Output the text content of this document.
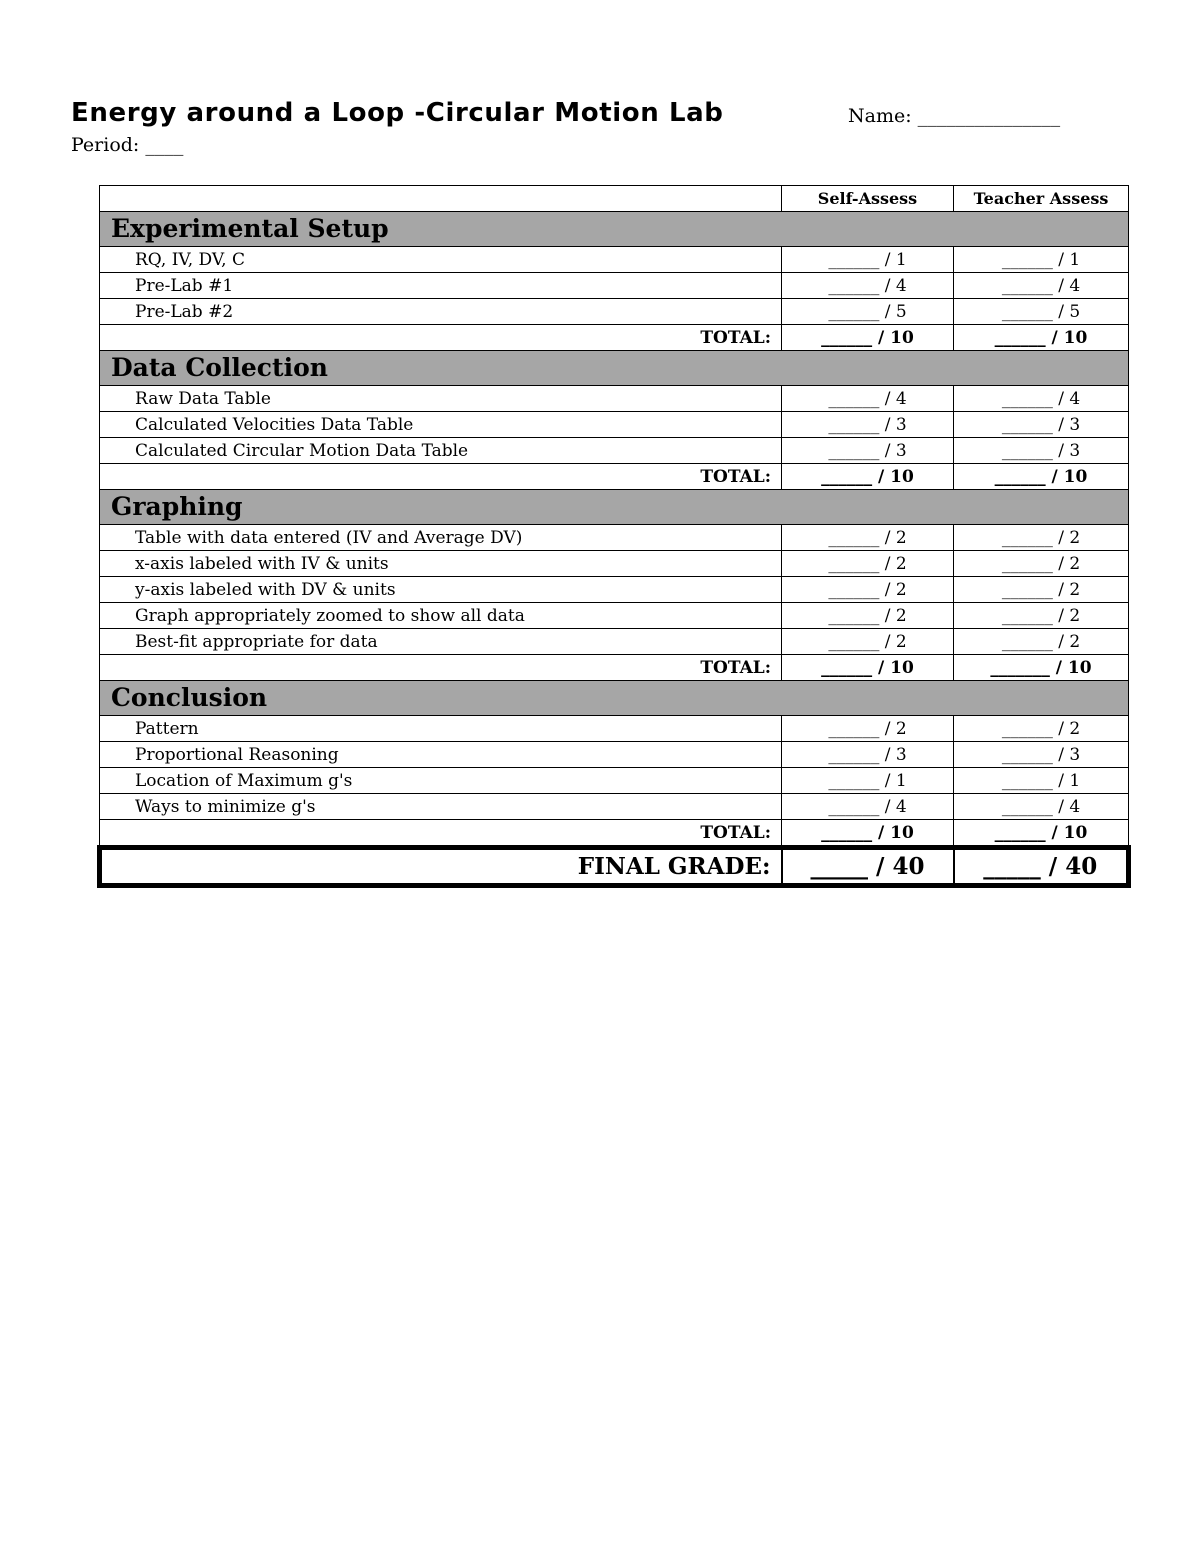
Energy around a Loop -Circular Motion Lab	Name: _______________
Period: ____
	Self-Assess	Teacher Assess
Experimental Setup		
RQ, IV, DV, C	______ / 1	______ / 1
Pre-Lab #1	______ / 4	______ / 4
Pre-Lab #2	______ / 5	______ / 5
TOTAL:	______ / 10	______ / 10
Data Collection		
Raw Data Table	______ / 4	______ / 4
Calculated Velocities Data Table	______ / 3	______ / 3
Calculated Circular Motion Data Table	______ / 3	______ / 3
TOTAL:	______ / 10	______ / 10
Graphing		
Table with data entered (IV and Average DV)	______ / 2	______ / 2
x-axis labeled with IV & units	______ / 2	______ / 2
y-axis labeled with DV & units	______ / 2	______ / 2
Graph appropriately zoomed to show all data	______ / 2	______ / 2
Best-fit appropriate for data	______ / 2	______ / 2
TOTAL:	______ / 10	_______ / 10
Conclusion		
Pattern	______ / 2	______ / 2
Proportional Reasoning	______ / 3	______ / 3
Location of Maximum g's	______ / 1	______ / 1
Ways to minimize g's	______ / 4	______ / 4
TOTAL:	______ / 10	______ / 10
FINAL GRADE:	_____ / 40	_____ / 40
